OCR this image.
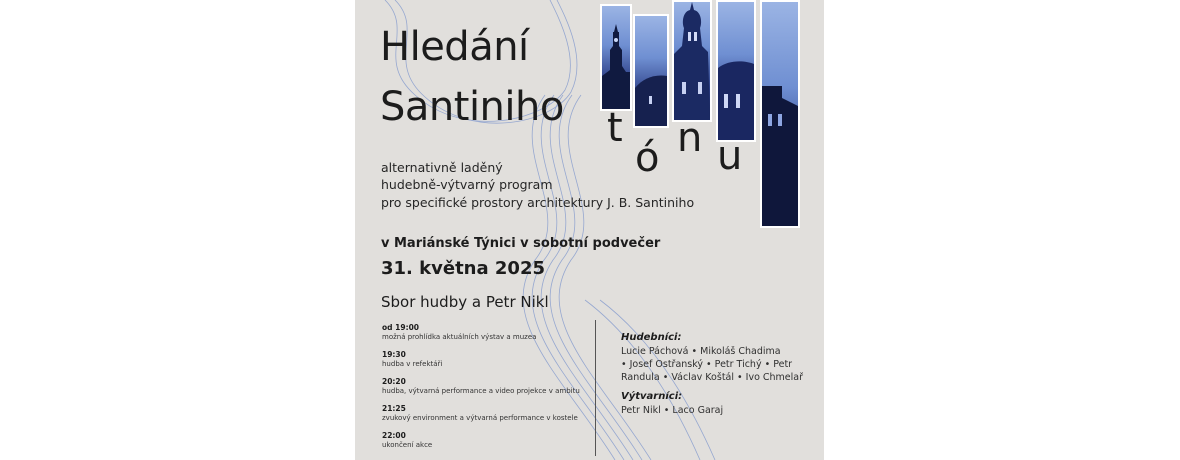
Hledání
Santiniho t
ó n u
alternativně laděný
hudebně-výtvarný program
pro specifické prostory architektury J. B. Santiniho
v Mariánské Týnici v sobotní podvečer
31. května 2025
Sbor hudby a Petr Nikl
od 19:00
možná prohlídka aktuálních výstav a muzea
19:30
hudba v refektáři
20:20
hudba, výtvarná performance a video projekce v ambitu
21:25
zvukový environment a výtvarná performance v kostele
22:00
ukončení akce
Hudebníci:
Lucie Páchová • Mikoláš Chadima
• Josef Ostřanský • Petr Tichý • Petr
Randula • Václav Koštál • Ivo Chmelař
Výtvarníci:
Petr Nikl • Laco Garaj
